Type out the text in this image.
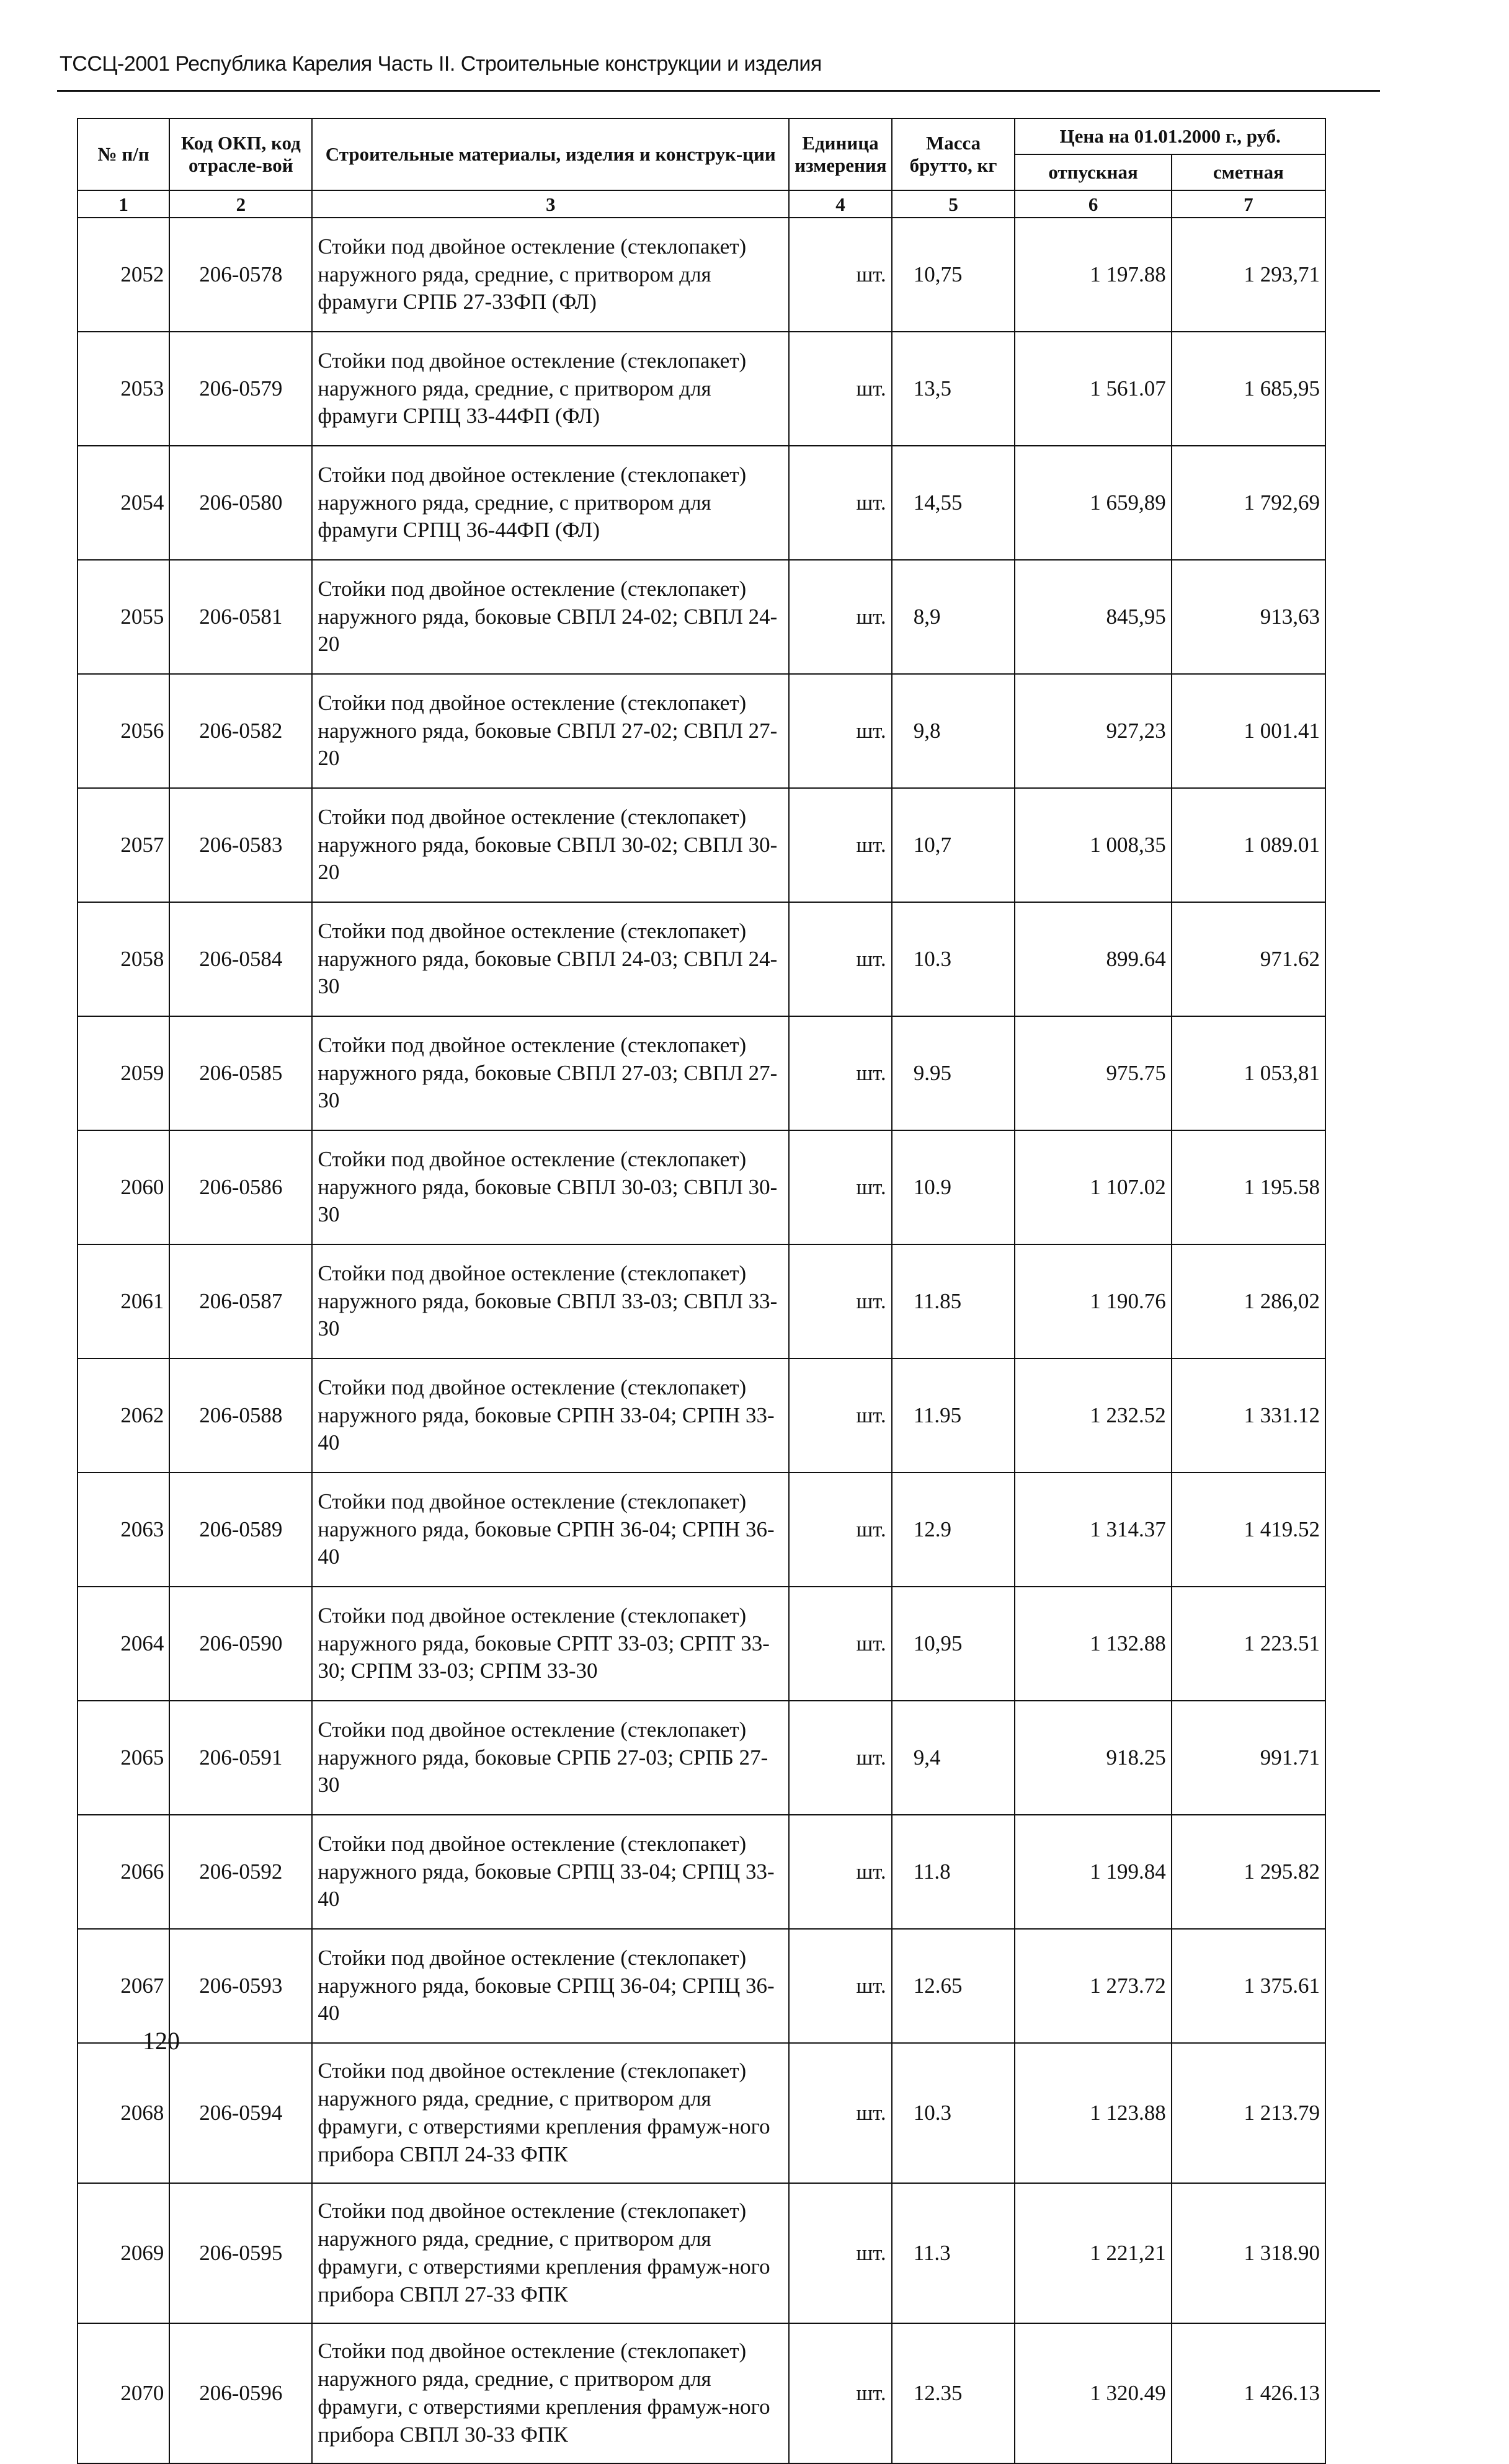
ТССЦ-2001 Республика Карелия Часть II. Строительные конструкции и изделия
№ п/п	Код ОКП, код отрасле-вой	Строительные материалы, изделия и конструк-ции	Единица измерения	Масса брутто, кг	Цена на 01.01.2000 г., руб.	
					отпускная	сметная
1	2	3	4	5	6	7
2052	206-0578	Стойки под двойное остекление (стеклопакет) наружного ряда, средние, с притвором для фрамуги СРПБ 27-33ФП (ФЛ)	шт.	10,75	1 197.88	1 293,71
2053	206-0579	Стойки под двойное остекление (стеклопакет) наружного ряда, средние, с притвором для фрамуги СРПЦ 33-44ФП (ФЛ)	шт.	13,5	1 561.07	1 685,95
2054	206-0580	Стойки под двойное остекление (стеклопакет) наружного ряда, средние, с притвором для фрамуги СРПЦ 36-44ФП (ФЛ)	шт.	14,55	1 659,89	1 792,69
2055	206-0581	Стойки под двойное остекление (стеклопакет) наружного ряда, боковые СВПЛ 24-02; СВПЛ 24-20	шт.	8,9	845,95	913,63
2056	206-0582	Стойки под двойное остекление (стеклопакет) наружного ряда, боковые СВПЛ 27-02; СВПЛ 27-20	шт.	9,8	927,23	1 001.41
2057	206-0583	Стойки под двойное остекление (стеклопакет) наружного ряда, боковые СВПЛ 30-02; СВПЛ 30-20	шт.	10,7	1 008,35	1 089.01
2058	206-0584	Стойки под двойное остекление (стеклопакет) наружного ряда, боковые СВПЛ 24-03; СВПЛ 24-30	шт.	10.3	899.64	971.62
2059	206-0585	Стойки под двойное остекление (стеклопакет) наружного ряда, боковые СВПЛ 27-03; СВПЛ 27-30	шт.	9.95	975.75	1 053,81
2060	206-0586	Стойки под двойное остекление (стеклопакет) наружного ряда, боковые СВПЛ 30-03; СВПЛ 30-30	шт.	10.9	1 107.02	1 195.58
2061	206-0587	Стойки под двойное остекление (стеклопакет) наружного ряда, боковые СВПЛ 33-03; СВПЛ 33-30	шт.	11.85	1 190.76	1 286,02
2062	206-0588	Стойки под двойное остекление (стеклопакет) наружного ряда, боковые СРПН 33-04; СРПН 33-40	шт.	11.95	1 232.52	1 331.12
2063	206-0589	Стойки под двойное остекление (стеклопакет) наружного ряда, боковые СРПН 36-04; СРПН 36-40	шт.	12.9	1 314.37	1 419.52
2064	206-0590	Стойки под двойное остекление (стеклопакет) наружного ряда, боковые СРПТ 33-03; СРПТ 33-30; СРПМ 33-03; СРПМ 33-30	шт.	10,95	1 132.88	1 223.51
2065	206-0591	Стойки под двойное остекление (стеклопакет) наружного ряда, боковые СРПБ 27-03; СРПБ 27-30	шт.	9,4	918.25	991.71
2066	206-0592	Стойки под двойное остекление (стеклопакет) наружного ряда, боковые СРПЦ 33-04; СРПЦ 33-40	шт.	11.8	1 199.84	1 295.82
2067	206-0593	Стойки под двойное остекление (стеклопакет) наружного ряда, боковые СРПЦ 36-04; СРПЦ 36-40	шт.	12.65	1 273.72	1 375.61
2068	206-0594	Стойки под двойное остекление (стеклопакет) наружного ряда, средние, с притвором для фрамуги, с отверстиями крепления фрамуж-ного прибора СВПЛ 24-33 ФПК	шт.	10.3	1 123.88	1 213.79
2069	206-0595	Стойки под двойное остекление (стеклопакет) наружного ряда, средние, с притвором для фрамуги, с отверстиями крепления фрамуж-ного прибора СВПЛ 27-33 ФПК	шт.	11.3	1 221,21	1 318.90
2070	206-0596	Стойки под двойное остекление (стеклопакет) наружного ряда, средние, с притвором для фрамуги, с отверстиями крепления фрамуж-ного прибора СВПЛ 30-33 ФПК	шт.	12.35	1 320.49	1 426.13
120
